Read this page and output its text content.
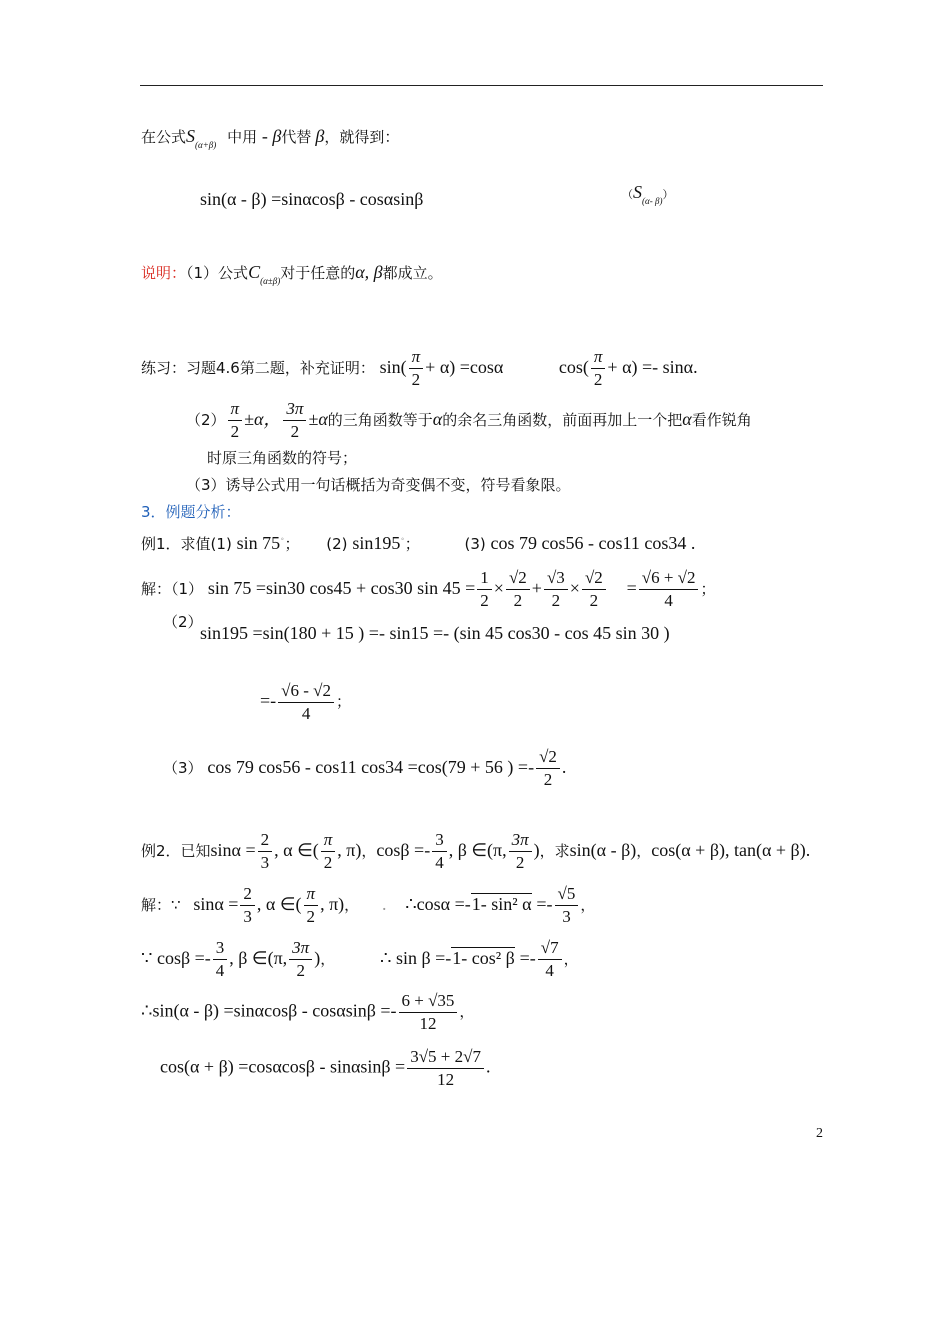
在公式$S_{(\alpha+\beta)}$ 中用 - β代替 β，就得到：
sin(α - β) =sinαcosβ - cosαsinβ	$(S_{(\alpha- \beta)})$
说明：（1）公式$C_{(\alpha\pm\beta)}$对于任意的α, β都成立。
练习：习题4.6第二题，补充证明： $\sin( \frac{\pi}{2} + \alpha) =\cos\alpha$	$\cos( \frac{\pi}{2} + \alpha) =- \sin\alpha$.
$(2) \frac{\pi}{2} \pm\alpha$， $\frac{3\pi}{2} \pm\alpha$的三角函数等于α的余名三角函数，前面再加上一个把α看作锐角
时原三角函数的符号；
（3）诱导公式用一句话概括为奇变偶不变，符号看象限。
3．例题分析：
例1．求值(1) sin 75∘； (2) sin195∘；	(3) cos 79 cos56 - cos11 cos34 .
解：（1） sin 75 =sin30 cos45 + cos30 $\sin 45 = \frac{1}{2} \times \frac{√2}{2} + \frac{√3}{2} \times \frac{√2}{2} = \frac{√6 + √2}{4}$ ；
（2）
sin195 =sin(180 + 15 ) =- sin15 =- (sin 45 cos30 - cos 45 sin 30 )
=- $\frac{√6 - √2}{4}$ ；
（3） cos 79 cos56 - cos11 cos34 =cos(79 + 56 ) =- $\frac{√2}{2}$ .
例2．已知$\sin\alpha = \frac{2}{3}$ , α ∈( $\frac{\pi}{2}$ , π)，$\cos\beta =- \frac{3}{4}$ , β ∈(π, $\frac{3\pi}{2}$ )，求sin(α - β)，cos(α + β), tan(α + β).
解：∵ $\sin\alpha = \frac{2}{3}$ , α ∈( $\frac{\pi}{2}$ , π)， . ∴cosα =-1- sin² $\alpha =- \frac{√5}{3}$ ，
∵ $\cos\beta =- \frac{3}{4}$ , β ∈(π, $\frac{3\pi}{2}$ )， ∴ sin β =-1- cos² $\beta =- \frac{√7}{4}$ ，
∴sin(α - $\beta) =\sin\alpha\cos\beta - \cos\alpha\sin\beta =- \frac{6 + √35}{12}$ ，
$\cos(\alpha + \beta) =\cos\alpha\cos\beta - \sin\alpha\sin\beta = \frac{3√5 + 2√7}{12}$ .
2
